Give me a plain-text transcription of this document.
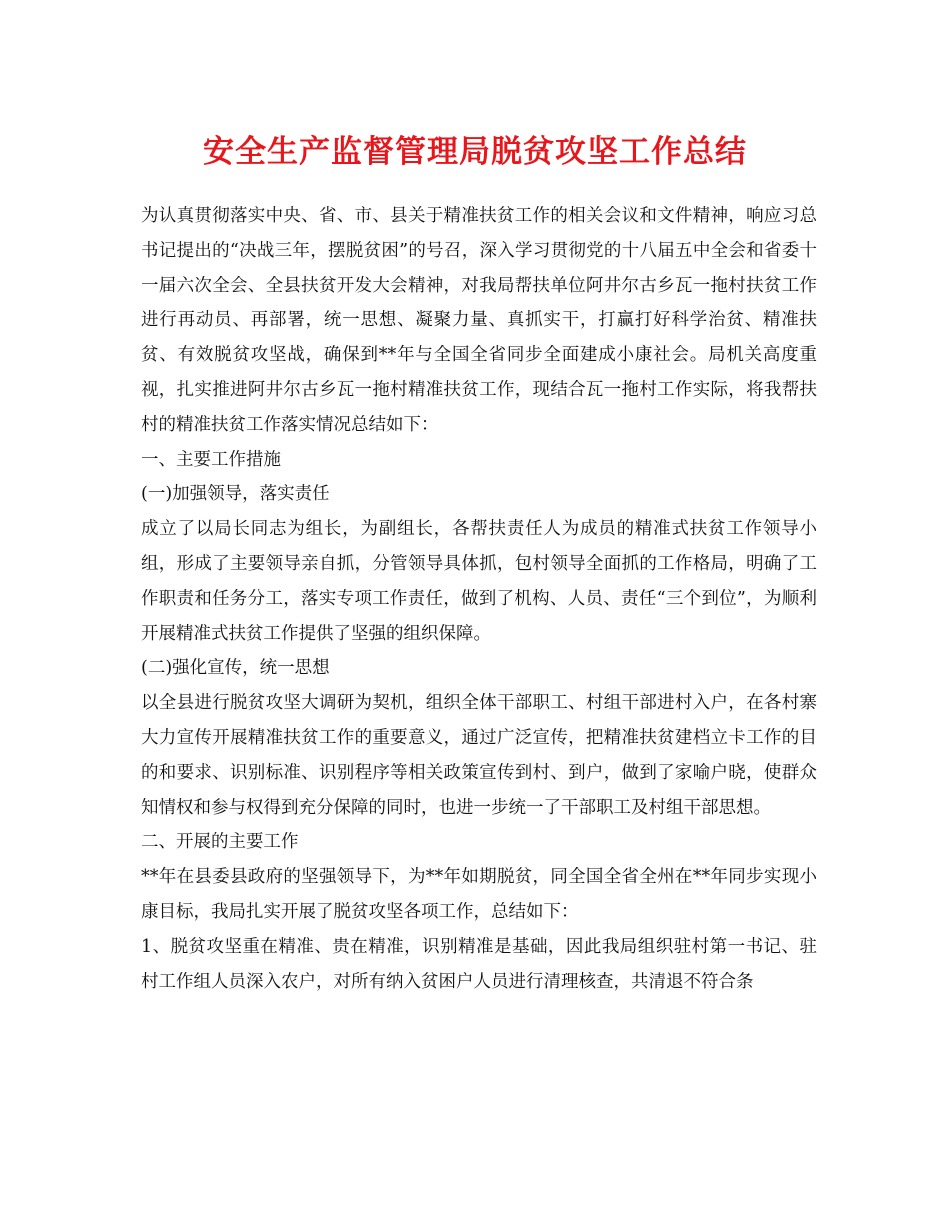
安全生产监督管理局脱贫攻坚工作总结

为认真贯彻落实中央、省、市、县关于精准扶贫工作的相关会议和文件精神，响应习总书记提出的“决战三年，摆脱贫困”的号召，深入学习贯彻党的十八届五中全会和省委十一届六次全会、全县扶贫开发大会精神，对我局帮扶单位阿井尔古乡瓦一拖村扶贫工作进行再动员、再部署，统一思想、凝聚力量、真抓实干，打赢打好科学治贫、精准扶贫、有效脱贫攻坚战，确保到**年与全国全省同步全面建成小康社会。局机关高度重视，扎实推进阿井尔古乡瓦一拖村精准扶贫工作，现结合瓦一拖村工作实际，将我帮扶村的精准扶贫工作落实情况总结如下：

一、主要工作措施

(一)加强领导，落实责任

成立了以局长同志为组长，为副组长，各帮扶责任人为成员的精准式扶贫工作领导小组，形成了主要领导亲自抓，分管领导具体抓，包村领导全面抓的工作格局，明确了工作职责和任务分工，落实专项工作责任，做到了机构、人员、责任“三个到位”，为顺利开展精准式扶贫工作提供了坚强的组织保障。

(二)强化宣传，统一思想

以全县进行脱贫攻坚大调研为契机，组织全体干部职工、村组干部进村入户，在各村寨大力宣传开展精准扶贫工作的重要意义，通过广泛宣传，把精准扶贫建档立卡工作的目的和要求、识别标准、识别程序等相关政策宣传到村、到户，做到了家喻户晓，使群众知情权和参与权得到充分保障的同时，也进一步统一了干部职工及村组干部思想。

二、开展的主要工作

**年在县委县政府的坚强领导下，为**年如期脱贫，同全国全省全州在**年同步实现小康目标，我局扎实开展了脱贫攻坚各项工作，总结如下：

1、脱贫攻坚重在精准、贵在精准，识别精准是基础，因此我局组织驻村第一书记、驻村工作组人员深入农户，对所有纳入贫困户人员进行清理核查，共清退不符合条
